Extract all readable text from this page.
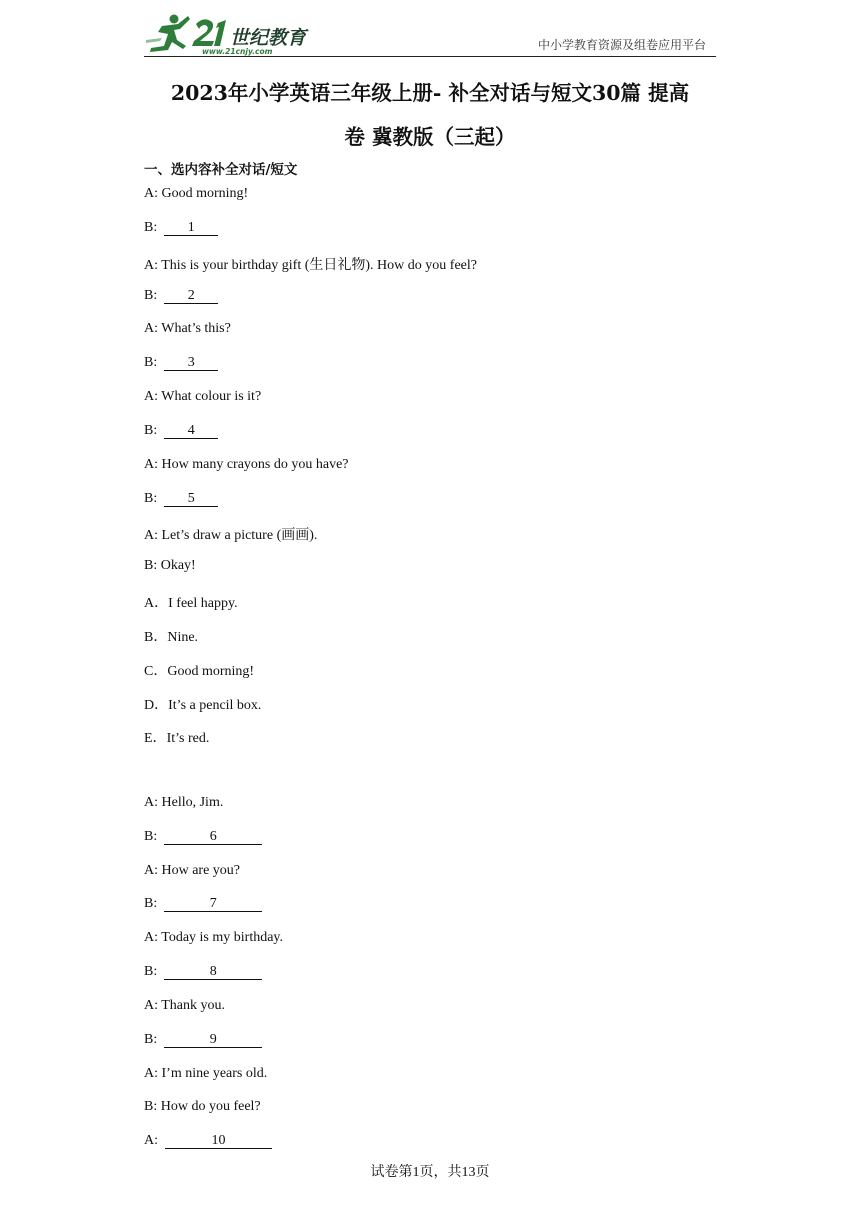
世纪教育
www.21cnjy.com	中小学教育资源及组卷应用平台
2023年小学英语三年级上册- 补全对话与短文30篇 提高
卷 冀教版（三起）
一、选内容补全对话/短文
A: Good morning!
B: 1
A: This is your birthday gift (生日礼物). How do you feel?
B: 2
A: What’s this?
B: 3
A: What colour is it?
B: 4
A: How many crayons do you have?
B: 5
A: Let’s draw a picture (画画).
B: Okay!
A．I feel happy.
B．Nine.
C．Good morning!
D．It’s a pencil box.
E．It’s red.
A: Hello, Jim.
B:	6
A: How are you?
B:	7
A: Today is my birthday.
B:	8
A: Thank you.
B:	9
A: I’m nine years old.
B: How do you feel?
A:	10
试卷第1页，共13页
